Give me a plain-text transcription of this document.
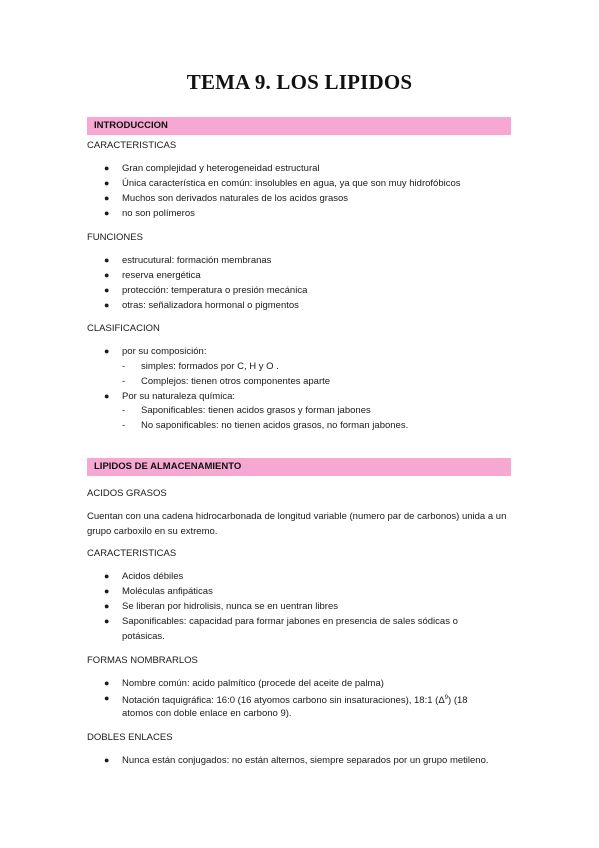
TEMA 9. LOS LIPIDOS
INTRODUCCION
CARACTERISTICAS
● Gran complejidad y heterogeneidad estructural
● Única característica en común: insolubles en agua, ya que son muy hidrofóbicos
● Muchos son derivados naturales de los acidos grasos
● no son polímeros
FUNCIONES
● estrucutural: formación membranas
● reserva energética
● protección: temperatura o presión mecánica
● otras: señalizadora hormonal o pigmentos
CLASIFICACION
● por su composición:
- simples: formados por C, H y O .
- Complejos: tienen otros componentes aparte
● Por su naturaleza química:
- Saponificables: tienen acidos grasos y forman jabones
- No saponificables: no tienen acidos grasos, no forman jabones.
LIPIDOS DE ALMACENAMIENTO
ACIDOS GRASOS
Cuentan con una cadena hidrocarbonada de longitud variable (numero par de carbonos) unida a un grupo carboxilo en su extremo.
CARACTERISTICAS
● Acidos débiles
● Moléculas anfipáticas
● Se liberan por hidrolisis, nunca se en uentran libres
● Saponificables: capacidad para formar jabones en presencia de sales sódicas o
potásicas.
FORMAS NOMBRARLOS
● Nombre común: acido palmítico (procede del aceite de palma)
● Notación taquigráfica: 16:0 (16 atyomos carbono sin insaturaciones), 18:1 $(\Delta^9)$ (18
atomos con doble enlace en carbono 9).
DOBLES ENLACES
● Nunca están conjugados: no están alternos, siempre separados por un grupo metileno.
